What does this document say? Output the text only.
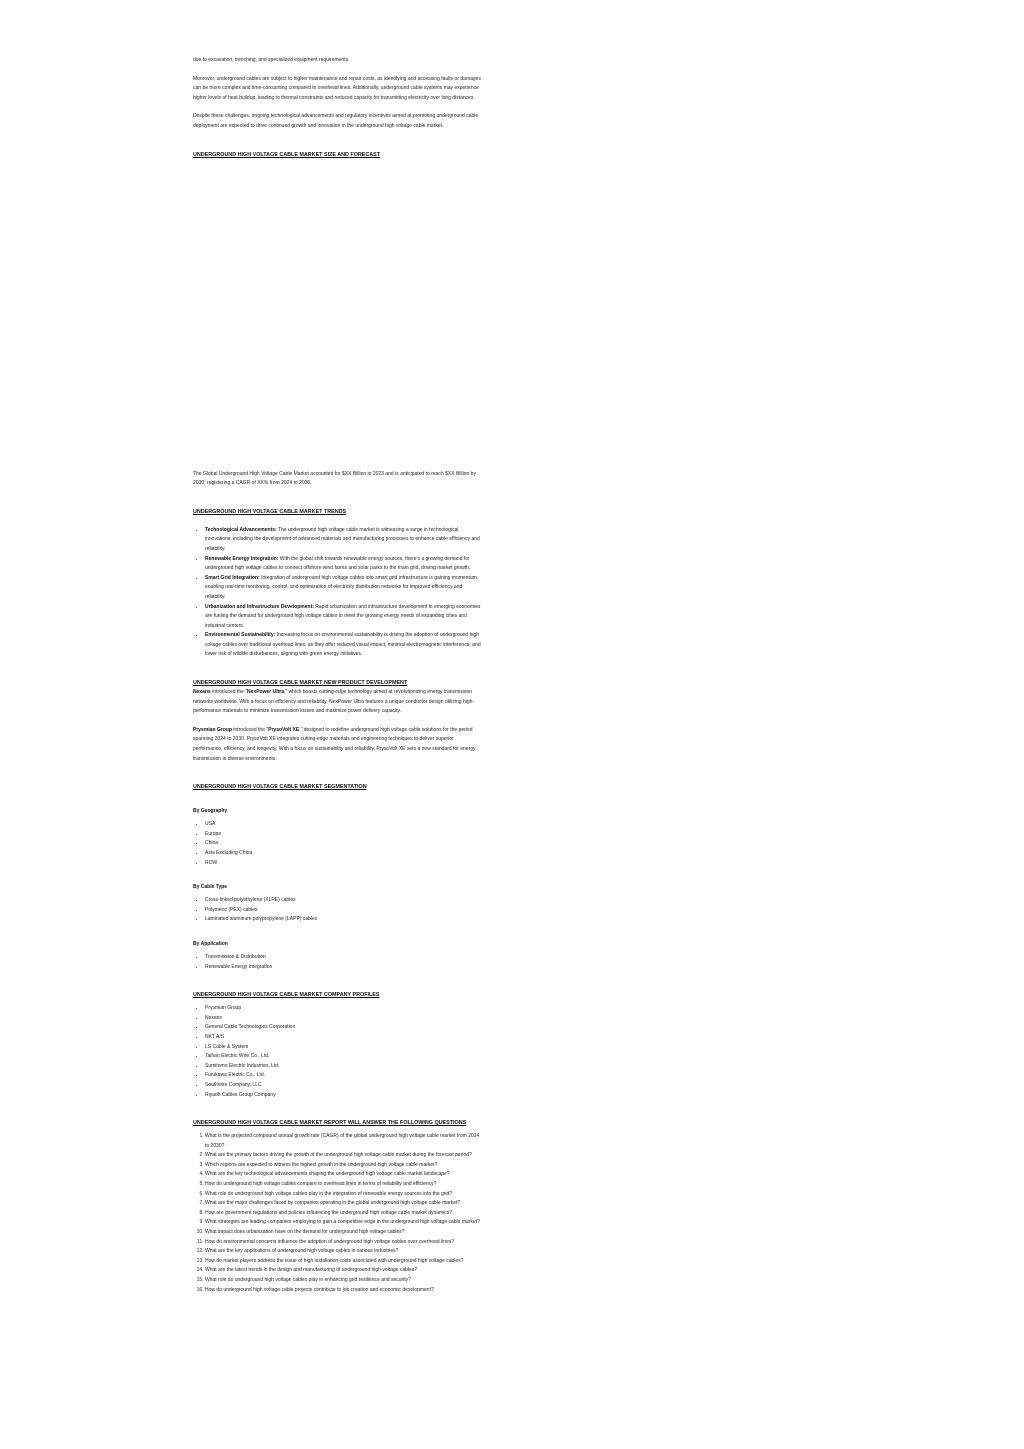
due to excavation, trenching, and specialized equipment requirements.

Moreover, underground cables are subject to higher maintenance and repair costs, as identifying and accessing faults or damages can be more complex and time-consuming compared to overhead lines. Additionally, underground cable systems may experience higher levels of heat buildup, leading to thermal constraints and reduced capacity for transmitting electricity over long distances.

Despite these challenges, ongoing technological advancements and regulatory incentives aimed at promoting underground cable deployment are expected to drive continued growth and innovation in the underground high voltage cable market.

UNDERGROUND HIGH VOLTAGE CABLE MARKET SIZE AND FORECAST

The Global Underground High Voltage Cable Market accounted for $XX Billion in 2023 and is anticipated to reach $XX Billion by 2030, registering a CAGR of XX% from 2024 to 2030.

UNDERGROUND HIGH VOLTAGE CABLE MARKET TRENDS
• Technological Advancements: The underground high voltage cable market is witnessing a surge in technological innovations, including the development of advanced materials and manufacturing processes to enhance cable efficiency and reliability.
• Renewable Energy Integration: With the global shift towards renewable energy sources, there's a growing demand for underground high voltage cables to connect offshore wind farms and solar parks to the main grid, driving market growth.
• Smart Grid Integration: Integration of underground high voltage cables into smart grid infrastructure is gaining momentum, enabling real-time monitoring, control, and optimization of electricity distribution networks for improved efficiency and reliability.
• Urbanization and Infrastructure Development: Rapid urbanization and infrastructure development in emerging economies are fueling the demand for underground high voltage cables to meet the growing energy needs of expanding cities and industrial centers.
• Environmental Sustainability: Increasing focus on environmental sustainability is driving the adoption of underground high voltage cables over traditional overhead lines, as they offer reduced visual impact, minimal electromagnetic interference, and lower risk of wildlife disturbances, aligning with green energy initiatives.
UNDERGROUND HIGH VOLTAGE CABLE MARKET NEW PRODUCT DEVELOPMENT

Nexans introduced the "NexPower Ultra," which boasts cutting-edge technology aimed at revolutionizing energy transmission networks worldwide. With a focus on efficiency and reliability, NexPower Ultra features a unique conductor design utilizing high-performance materials to minimize transmission losses and maximize power delivery capacity.

Prysmian Group introduced the "PrysoVolt XE," designed to redefine underground high voltage cable solutions for the period spanning 2024 to 2030. PrysoVolt XE integrates cutting-edge materials and engineering techniques to deliver superior performance, efficiency, and longevity. With a focus on sustainability and reliability, PrysoVolt XE sets a new standard for energy transmission in diverse environments.

UNDERGROUND HIGH VOLTAGE CABLE MARKET SEGMENTATION
By Geography
• USA
• Europe
• China
• Asia Excluding China
• ROW
By Cable Type
• Cross-linked polyethylene (XLPE) cables
• Polymeric (PEX) cables
• Laminated aluminum polypropylene (LAPP) cables
By Application
• Transmission & Distribution
• Renewable Energy Integration
UNDERGROUND HIGH VOLTAGE CABLE MARKET COMPANY PROFILES
• Prysmian Group
• Nexans
• General Cable Technologies Corporation
• NKT A/S
• LS Cable & System
• Taihan Electric Wire Co., Ltd.
• Sumitomo Electric Industries, Ltd.
• Furukawa Electric Co., Ltd.
• Southwire Company, LLC
• Riyadh Cables Group Company
UNDERGROUND HIGH VOLTAGE CABLE MARKET REPORT WILL ANSWER THE FOLLOWING QUESTIONS
1. What is the projected compound annual growth rate (CAGR) of the global underground high voltage cable market from 2024 to 2030?
2. What are the primary factors driving the growth of the underground high voltage cable market during the forecast period?
3. Which regions are expected to witness the highest growth in the underground high voltage cable market?
4. What are the key technological advancements shaping the underground high voltage cable market landscape?
5. How do underground high voltage cables compare to overhead lines in terms of reliability and efficiency?
6. What role do underground high voltage cables play in the integration of renewable energy sources into the grid?
7. What are the major challenges faced by companies operating in the global underground high voltage cable market?
8. How are government regulations and policies influencing the underground high voltage cable market dynamics?
9. What strategies are leading companies employing to gain a competitive edge in the underground high voltage cable market?
10. What impact does urbanization have on the demand for underground high voltage cables?
11. How do environmental concerns influence the adoption of underground high voltage cables over overhead lines?
12. What are the key applications of underground high voltage cables in various industries?
13. How do market players address the issue of high installation costs associated with underground high voltage cables?
14. What are the latest trends in the design and manufacturing of underground high voltage cables?
15. What role do underground high voltage cables play in enhancing grid resilience and security?
16. How do underground high voltage cable projects contribute to job creation and economic development?
